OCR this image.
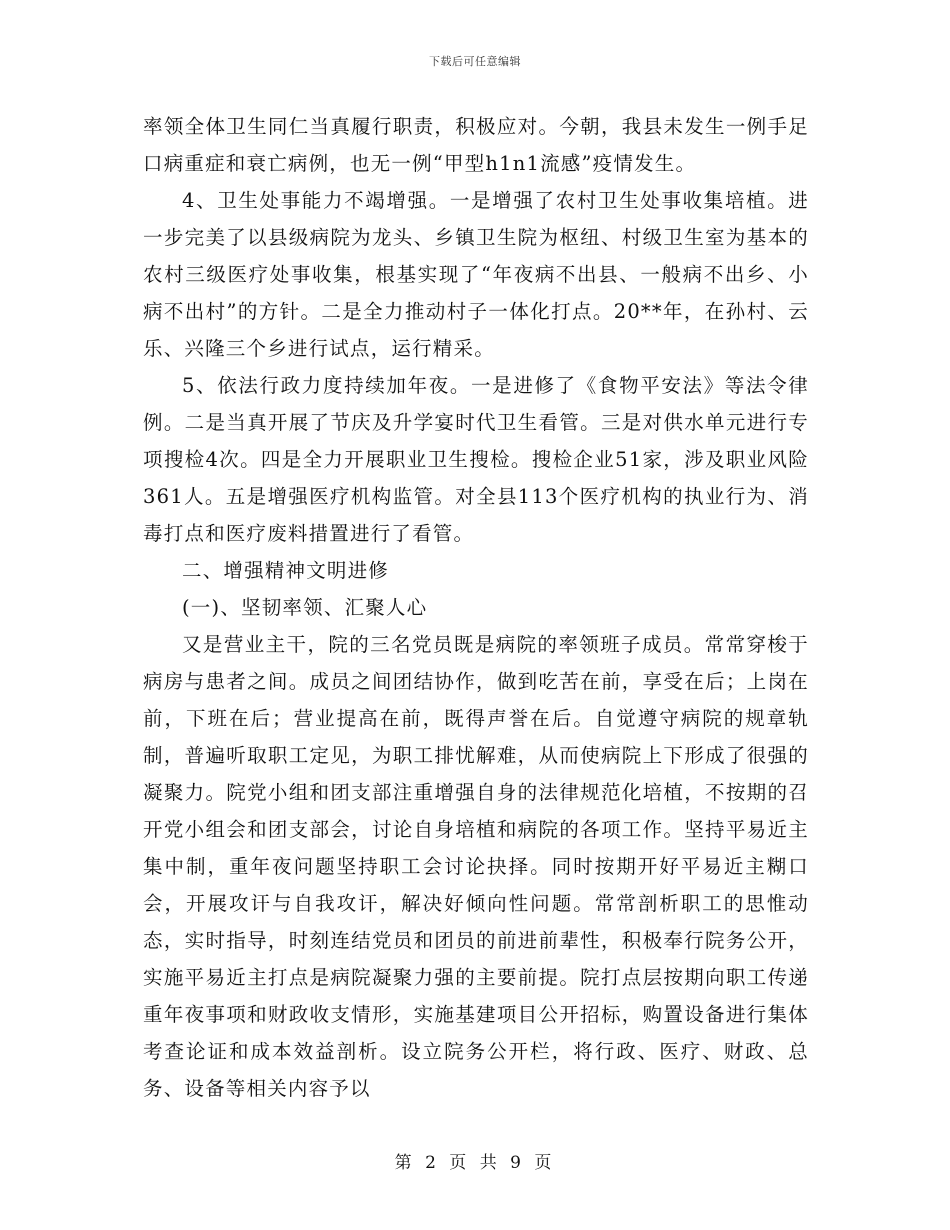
下载后可任意编辑

率领全体卫生同仁当真履行职责，积极应对。今朝，我县未发生一例手足口病重症和衰亡病例，也无一例“甲型h1n1流感”疫情发生。

4、卫生处事能力不竭增强。一是增强了农村卫生处事收集培植。进一步完美了以县级病院为龙头、乡镇卫生院为枢纽、村级卫生室为基本的农村三级医疗处事收集，根基实现了“年夜病不出县、一般病不出乡、小病不出村”的方针。二是全力推动村子一体化打点。20**年，在孙村、云乐、兴隆三个乡进行试点，运行精采。

5、依法行政力度持续加年夜。一是进修了《食物平安法》等法令律例。二是当真开展了节庆及升学宴时代卫生看管。三是对供水单元进行专项搜检4次。四是全力开展职业卫生搜检。搜检企业51家，涉及职业风险361人。五是增强医疗机构监管。对全县113个医疗机构的执业行为、消毒打点和医疗废料措置进行了看管。

二、增强精神文明进修

(一)、坚韧率领、汇聚人心

又是营业主干，院的三名党员既是病院的率领班子成员。常常穿梭于病房与患者之间。成员之间团结协作，做到吃苦在前，享受在后；上岗在前，下班在后；营业提高在前，既得声誉在后。自觉遵守病院的规章轨制，普遍听取职工定见，为职工排忧解难，从而使病院上下形成了很强的凝聚力。院党小组和团支部注重增强自身的法律规范化培植，不按期的召开党小组会和团支部会，讨论自身培植和病院的各项工作。坚持平易近主集中制，重年夜问题坚持职工会讨论抉择。同时按期开好平易近主糊口会，开展攻讦与自我攻讦，解决好倾向性问题。常常剖析职工的思惟动态，实时指导，时刻连结党员和团员的前进前辈性，积极奉行院务公开，实施平易近主打点是病院凝聚力强的主要前提。院打点层按期向职工传递重年夜事项和财政收支情形，实施基建项目公开招标，购置设备进行集体考查论证和成本效益剖析。设立院务公开栏，将行政、医疗、财政、总务、设备等相关内容予以

第 2 页 共 9 页
